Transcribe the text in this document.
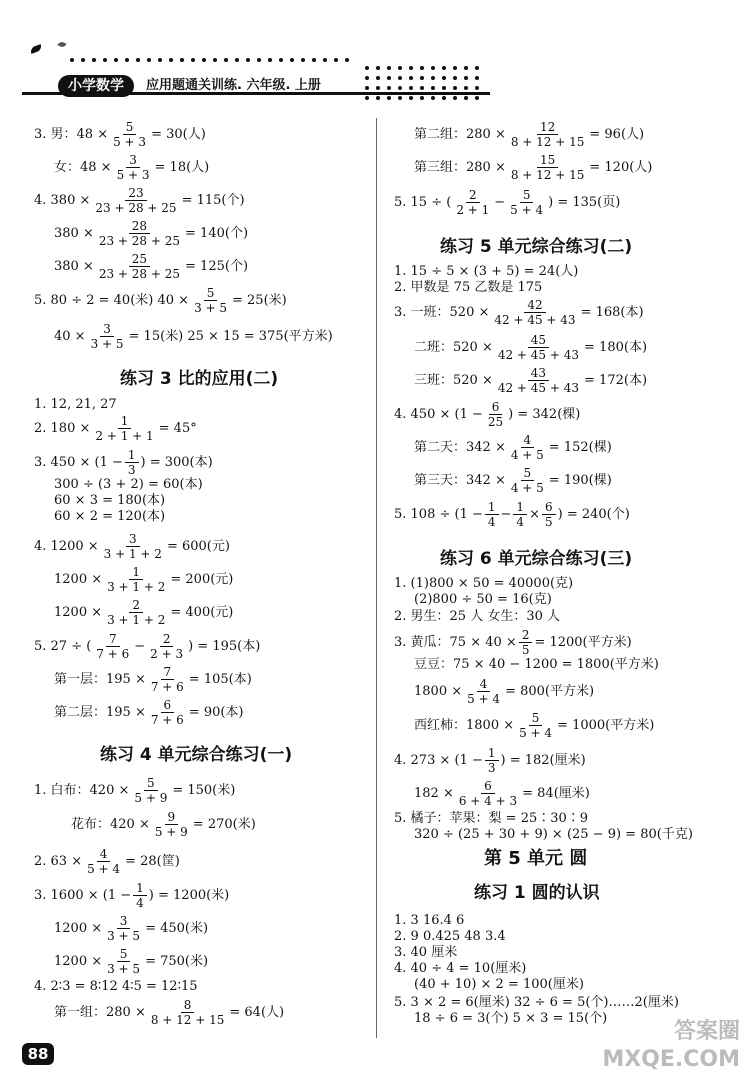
小学数学	应用题通关训练. 六年级. 上册
3. 男：$48 \times \frac{5}{5 + 3} = 30$(人)
女：$48 \times \frac{3}{5 + 3} = 18$(人)
4. $380 \times \frac{23}{23 + 28 + 25} = 115$(个)
$380 \times \frac{28}{23 + 28 + 25} = 140$(个)
$380 \times \frac{25}{23 + 28 + 25} = 125$(个)
5. 80 ÷ 2 = 40(米) $40 \times \frac{5}{3 + 5} = 25$(米)
$40 \times \frac{3}{3 + 5} = 15$(米) 25 × 15 = 375(平方米)
练习 3 比的应用(二)
1. 12, 21, 27
2. $180 \times \frac{1}{2 + 1 + 1} = 45^\circ$
3. $450 \times (1 - \frac{1}{3}$ ) = 300(本)
300 ÷ (3 + 2) = 60(本)
60 × 3 = 180(本)
60 × 2 = 120(本)
4. $1200 \times \frac{3}{3 + 1 + 2} = 600$(元)
$1200 \times \frac{1}{3 + 1 + 2} = 200$(元)
$1200 \times \frac{2}{3 + 1 + 2} = 400$(元)
5. 27 ÷ ( $\frac{7}{7 + 6} - \frac{2}{2 + 3}$ ) = 195(本)
第一层：$195 \times \frac{7}{7 + 6} = 105$(本)
第二层：$195 \times \frac{6}{7 + 6} = 90$(本)
练习 4 单元综合练习(一)
1. 白布：$420 \times \frac{5}{5 + 9} = 150$(米)
花布：$420 \times \frac{9}{5 + 9} = 270$(米)
2. $63 \times \frac{4}{5 + 4} = 28$(筐)
3. $1600 \times (1 - \frac{1}{4}$ ) = 1200(米)
$1200 \times \frac{3}{3 + 5} = 450$(米)
$1200 \times \frac{5}{3 + 5} = 750$(米)
4. 2∶3 = 8∶12 4∶5 = 12∶15
第一组：$280 \times \frac{8}{8 + 12 + 15} = 64$(人)
第二组：$280 \times \frac{12}{8 + 12 + 15} = 96$(人)
第三组：$280 \times \frac{15}{8 + 12 + 15} = 120$(人)
5. 15 ÷ ( $\frac{2}{2 + 1} - \frac{5}{5 + 4}$ ) = 135(页)
练习 5 单元综合练习(二)
1. 15 ÷ 5 × (3 + 5) = 24(人)
2. 甲数是 75 乙数是 175
3. 一班：$520 \times \frac{42}{42 + 45 + 43} = 168$(本)
二班：$520 \times \frac{45}{42 + 45 + 43} = 180$(本)
三班：$520 \times \frac{43}{42 + 45 + 43} = 172$(本)
4. $450 \times (1 - \frac{6}{25}$ ) = 342(棵)
第二天：$342 \times \frac{4}{4 + 5} = 152$(棵)
第三天：$342 \times \frac{5}{4 + 5} = 190$(棵)
5. $108 \div (1 - \frac{1}{4} - \frac{1}{4} \times \frac{6}{5}$ ) = 240(个)
练习 6 单元综合练习(三)
1. (1)800 × 50 = 40000(克)
(2)800 ÷ 50 = 16(克)
2. 男生：25 人 女生：30 人
3. 黄瓜：$75 \times 40 \times \frac{2}{5} = 1200$(平方米)
豆豆：75 × 40 − 1200 = 1800(平方米)
$1800 \times \frac{4}{5 + 4} = 800$(平方米)
西红柿：$1800 \times \frac{5}{5 + 4} = 1000$(平方米)
4. $273 \times (1 - \frac{1}{3}$ ) = 182(厘米)
$182 \times \frac{6}{6 + 4 + 3} = 84$(厘米)
5. 橘子：苹果：梨 = 25∶30∶9
320 ÷ (25 + 30 + 9) × (25 − 9) = 80(千克)
第 5 单元 圆
练习 1 圆的认识
1. 3 16.4 6
2. 9 0.425 48 3.4
3. 40 厘米
4. 40 ÷ 4 = 10(厘米)
(40 + 10) × 2 = 100(厘米)
5. 3 × 2 = 6(厘米) 32 ÷ 6 = 5(个)……2(厘米)
18 ÷ 6 = 3(个) 5 × 3 = 15(个)
88
答案圈
MXQE.COM
